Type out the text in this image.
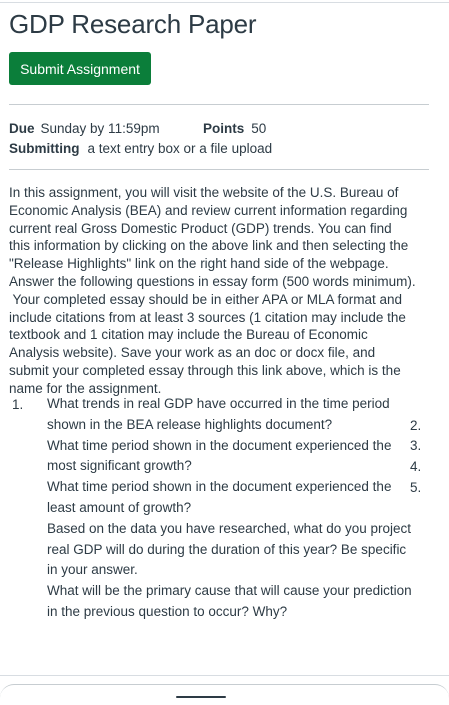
GDP Research Paper
Submit Assignment
Due Sunday by 11:59pm	Points 50
Submitting a text entry box or a file upload

In this assignment, you will visit the website of the U.S. Bureau of

Economic Analysis (BEA) and review current information regarding

current real Gross Domestic Product (GDP) trends. You can find

this information by clicking on the above link and then selecting the

"Release Highlights" link on the right hand side of the webpage.

Answer the following questions in essay form (500 words minimum).

Your completed essay should be in either APA or MLA format and

include citations from at least 3 sources (1 citation may include the

textbook and 1 citation may include the Bureau of Economic

Analysis website). Save your work as an doc or docx file, and

submit your completed essay through this link above, which is the

name for the assignment.

1.
2.
3.
4.
5.

What trends in real GDP have occurred in the time period

shown in the BEA release highlights document?

What time period shown in the document experienced the

most significant growth?

What time period shown in the document experienced the

least amount of growth?

Based on the data you have researched, what do you project

real GDP will do during the duration of this year? Be specific

in your answer.

What will be the primary cause that will cause your prediction

in the previous question to occur? Why?
